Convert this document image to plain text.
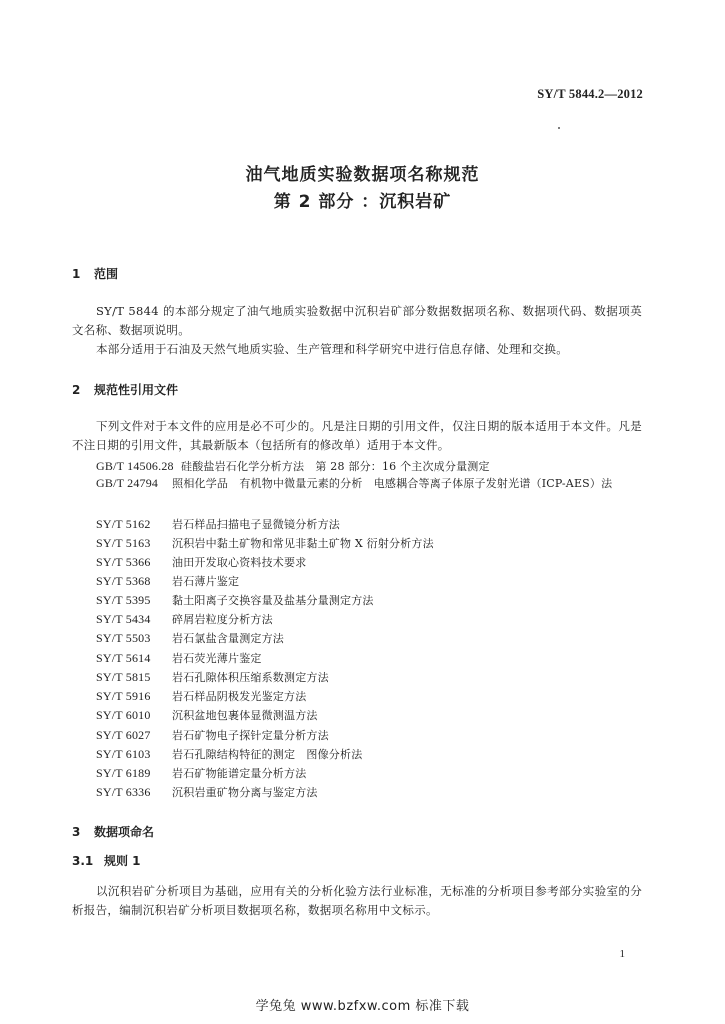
SY/T 5844.2—2012
油气地质实验数据项名称规范
第 2 部分 ：沉积岩矿
1 范围

SY/T 5844 的本部分规定了油气地质实验数据中沉积岩矿部分数据数据项名称、数据项代码、数据项英文名称、数据项说明。

本部分适用于石油及天然气地质实验、生产管理和科学研究中进行信息存储、处理和交换。

2 规范性引用文件

下列文件对于本文件的应用是必不可少的。凡是注日期的引用文件，仅注日期的版本适用于本文件。凡是不注日期的引用文件，其最新版本（包括所有的修改单）适用于本文件。

GB/T 14506.28 硅酸盐岩石化学分析方法　第 28 部分：16 个主次成分量测定
GB/T 24794 照相化学品　有机物中微量元素的分析　电感耦合等离子体原子发射光谱（ICP-AES）法
SY/T 5162 岩石样品扫描电子显微镜分析方法
SY/T 5163 沉积岩中黏土矿物和常见非黏土矿物 X 衍射分析方法
SY/T 5366 油田开发取心资料技术要求
SY/T 5368 岩石薄片鉴定
SY/T 5395 黏土阳离子交换容量及盐基分量测定方法
SY/T 5434 碎屑岩粒度分析方法
SY/T 5503 岩石氯盐含量测定方法
SY/T 5614 岩石荧光薄片鉴定
SY/T 5815 岩石孔隙体积压缩系数测定方法
SY/T 5916 岩石样品阴极发光鉴定方法
SY/T 6010 沉积盆地包裹体显微测温方法
SY/T 6027 岩石矿物电子探针定量分析方法
SY/T 6103 岩石孔隙结构特征的测定　图像分析法
SY/T 6189 岩石矿物能谱定量分析方法
SY/T 6336 沉积岩重矿物分离与鉴定方法
3 数据项命名
3.1 规则 1

以沉积岩矿分析项目为基础，应用有关的分析化验方法行业标准，无标准的分析项目参考部分实验室的分析报告，编制沉积岩矿分析项目数据项名称，数据项名称用中文标示。

1
学兔兔 www.bzfxw.com 标准下载
